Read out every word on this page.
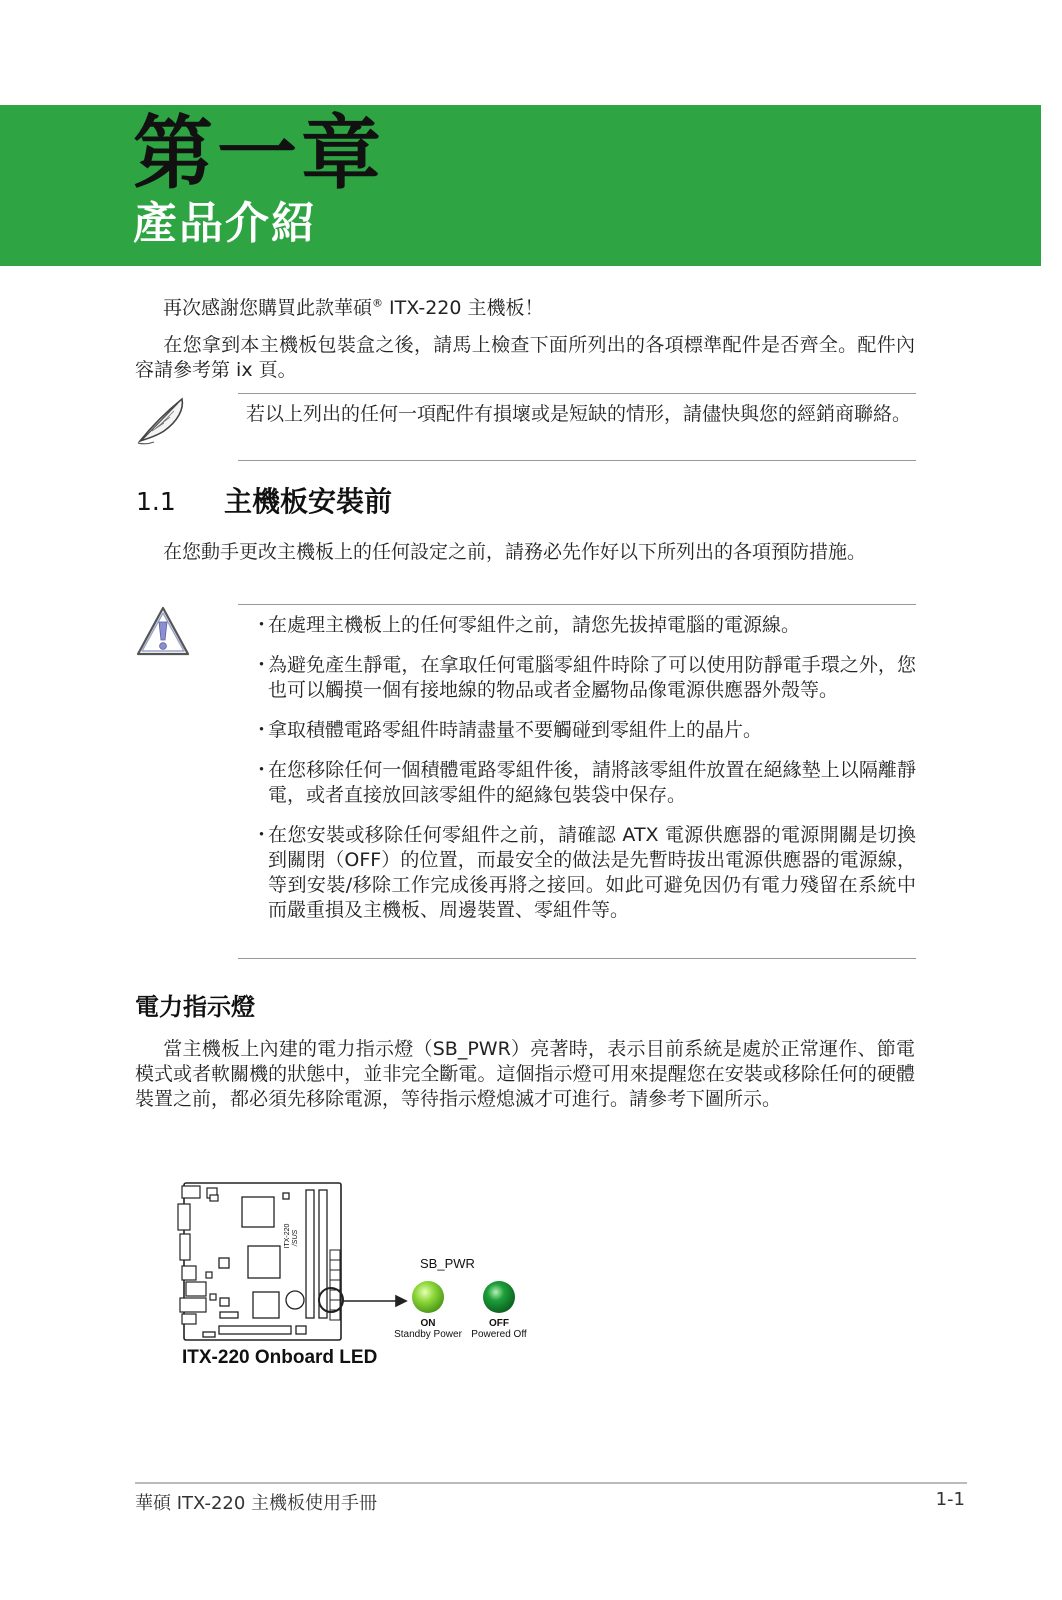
第一章
產品介紹
再次感謝您購買此款華碩® ITX-220 主機板！
在您拿到本主機板包裝盒之後，請馬上檢查下面所列出的各項標準配件是否齊全。配件內容請參考第 ix 頁。
若以上列出的任何一項配件有損壞或是短缺的情形，請儘快與您的經銷商聯絡。
1.1 主機板安裝前
在您動手更改主機板上的任何設定之前，請務必先作好以下所列出的各項預防措施。
・
在處理主機板上的任何零組件之前，請您先拔掉電腦的電源線。
・
為避免產生靜電，在拿取任何電腦零組件時除了可以使用防靜電手環之外，您也可以觸摸一個有接地線的物品或者金屬物品像電源供應器外殼等。
・
拿取積體電路零組件時請盡量不要觸碰到零組件上的晶片。
・
在您移除任何一個積體電路零組件後，請將該零組件放置在絕緣墊上以隔離靜電，或者直接放回該零組件的絕緣包裝袋中保存。
・
在您安裝或移除任何零組件之前，請確認 ATX 電源供應器的電源開關是切換到關閉（OFF）的位置，而最安全的做法是先暫時拔出電源供應器的電源線，等到安裝/移除工作完成後再將之接回。如此可避免因仍有電力殘留在系統中而嚴重損及主機板、周邊裝置、零組件等。
電力指示燈
當主機板上內建的電力指示燈（SB_PWR）亮著時，表示目前系統是處於正常運作、節電模式或者軟關機的狀態中，並非完全斷電。這個指示燈可用來提醒您在安裝或移除任何的硬體裝置之前，都必須先移除電源，等待指示燈熄滅才可進行。請參考下圖所示。
ITX-220 /SUS
SB_PWR
ON
Standby Power
OFF
Powered Off
ITX-220 Onboard LED
華碩 ITX-220 主機板使用手冊	1-1
